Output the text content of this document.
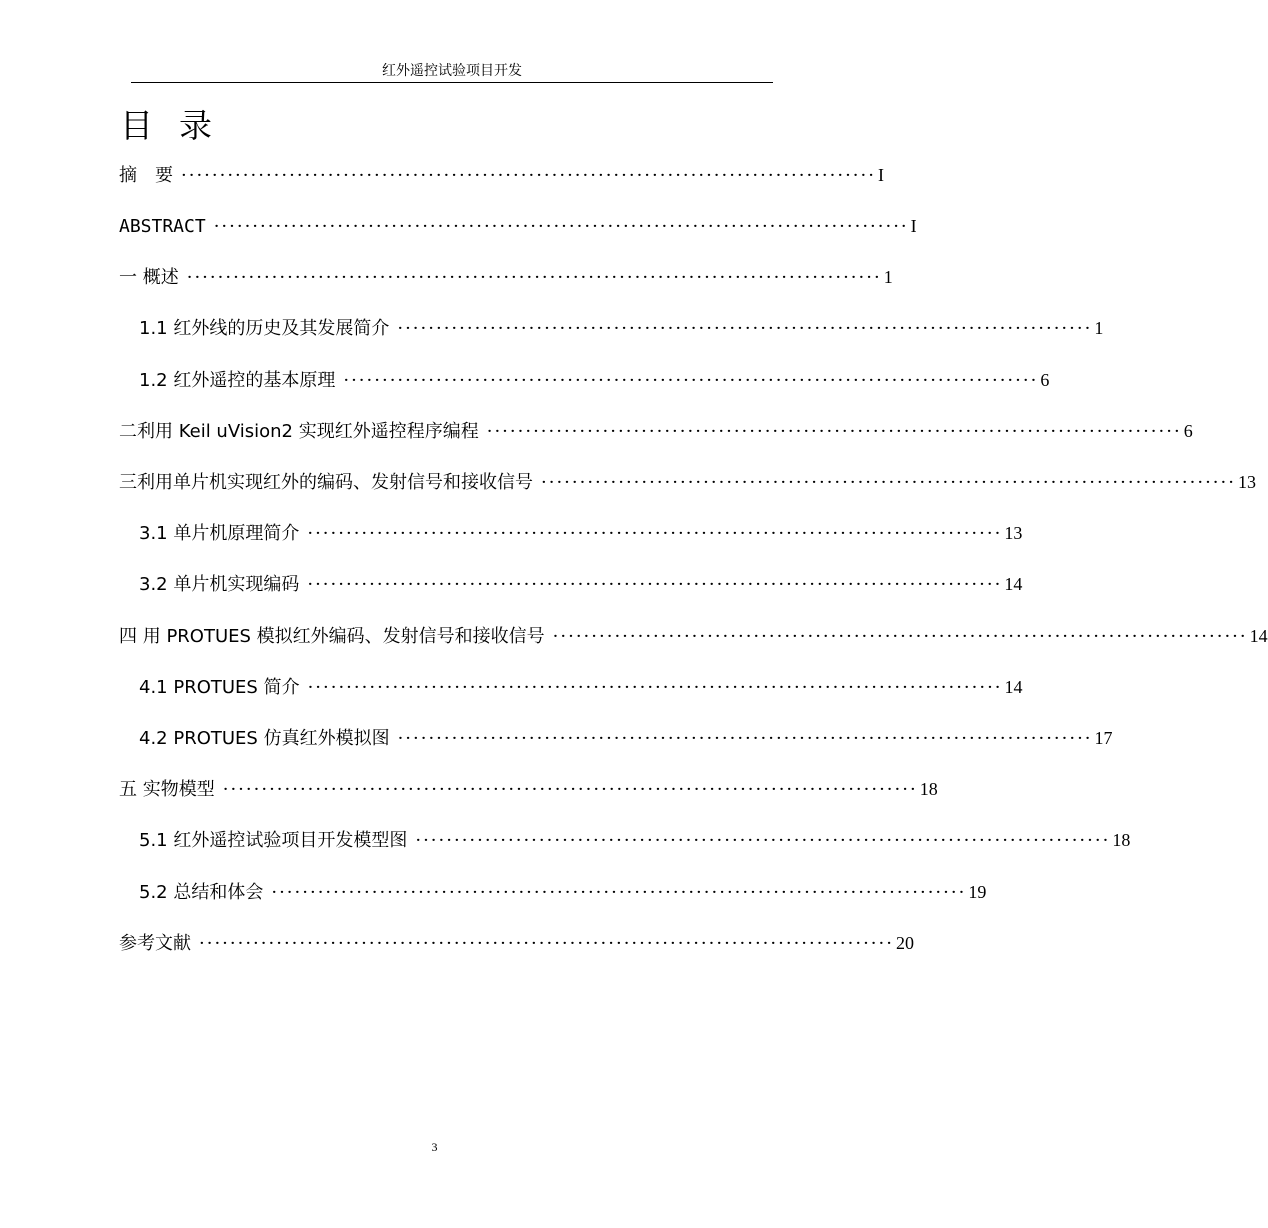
红外遥控试验项目开发
目录
摘　要 ·························································································· I
ABSTRACT ·························································································· I
一 概述 ·························································································· 1
1.1 红外线的历史及其发展简介 ·························································································· 1
1.2 红外遥控的基本原理 ·························································································· 6
二利用 Keil uVision2 实现红外遥控程序编程 ·························································································· 6
三利用单片机实现红外的编码、发射信号和接收信号 ·························································································· 13
3.1 单片机原理简介 ·························································································· 13
3.2 单片机实现编码 ·························································································· 14
四 用 PROTUES 模拟红外编码、发射信号和接收信号 ·························································································· 14
4.1 PROTUES 简介 ·························································································· 14
4.2 PROTUES 仿真红外模拟图 ·························································································· 17
五 实物模型 ·························································································· 18
5.1 红外遥控试验项目开发模型图 ·························································································· 18
5.2 总结和体会 ·························································································· 19
参考文献 ·························································································· 20
3
